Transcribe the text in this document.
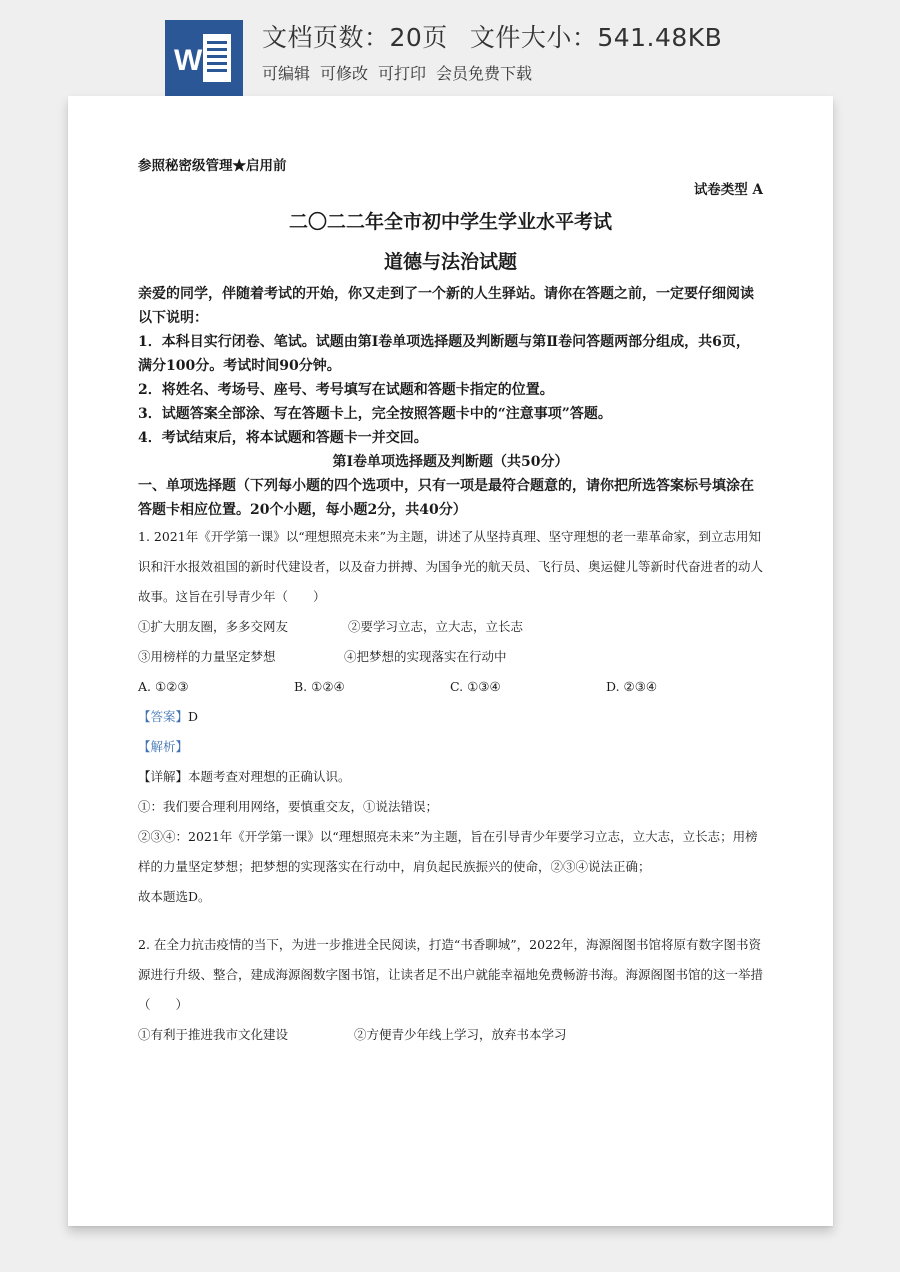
W
文档页数：20页 文件大小：541.48KB
可编辑 可修改 可打印 会员免费下载

参照秘密级管理★启用前

试卷类型 A

二〇二二年全市初中学生学业水平考试

道德与法治试题

亲爱的同学，伴随着考试的开始，你又走到了一个新的人生驿站。请你在答题之前，一定要仔细阅读以下说明：

1．本科目实行闭卷、笔试。试题由第Ⅰ卷单项选择题及判断题与第Ⅱ卷问答题两部分组成，共6页，满分100分。考试时间90分钟。

2．将姓名、考场号、座号、考号填写在试题和答题卡指定的位置。

3．试题答案全部涂、写在答题卡上，完全按照答题卡中的“注意事项”答题。

4．考试结束后，将本试题和答题卡一并交回。

第Ⅰ卷单项选择题及判断题（共50分）

一、单项选择题（下列每小题的四个选项中，只有一项是最符合题意的，请你把所选答案标号填涂在答题卡相应位置。20个小题，每小题2分，共40分）

1. 2021年《开学第一课》以“理想照亮未来”为主题，讲述了从坚持真理、坚守理想的老一辈革命家，到立志用知识和汗水报效祖国的新时代建设者，以及奋力拼搏、为国争光的航天员、飞行员、奥运健儿等新时代奋进者的动人故事。这旨在引导青少年（　　）

①扩大朋友圈，多多交网友	②要学习立志，立大志，立长志
③用榜样的力量坚定梦想	④把梦想的实现落实在行动中
A. ①②③	B. ①②④	C. ①③④	D. ②③④

【答案】D

【解析】

【详解】本题考查对理想的正确认识。

①：我们要合理利用网络，要慎重交友，①说法错误；

②③④：2021年《开学第一课》以“理想照亮未来”为主题，旨在引导青少年要学习立志，立大志，立长志；用榜样的力量坚定梦想；把梦想的实现落实在行动中，肩负起民族振兴的使命，②③④说法正确；

故本题选D。

2. 在全力抗击疫情的当下，为进一步推进全民阅读，打造“书香聊城”，2022年，海源阁图书馆将原有数字图书资源进行升级、整合，建成海源阁数字图书馆，让读者足不出户就能幸福地免费畅游书海。海源阁图书馆的这一举措（　　）

①有利于推进我市文化建设	②方便青少年线上学习，放弃书本学习
